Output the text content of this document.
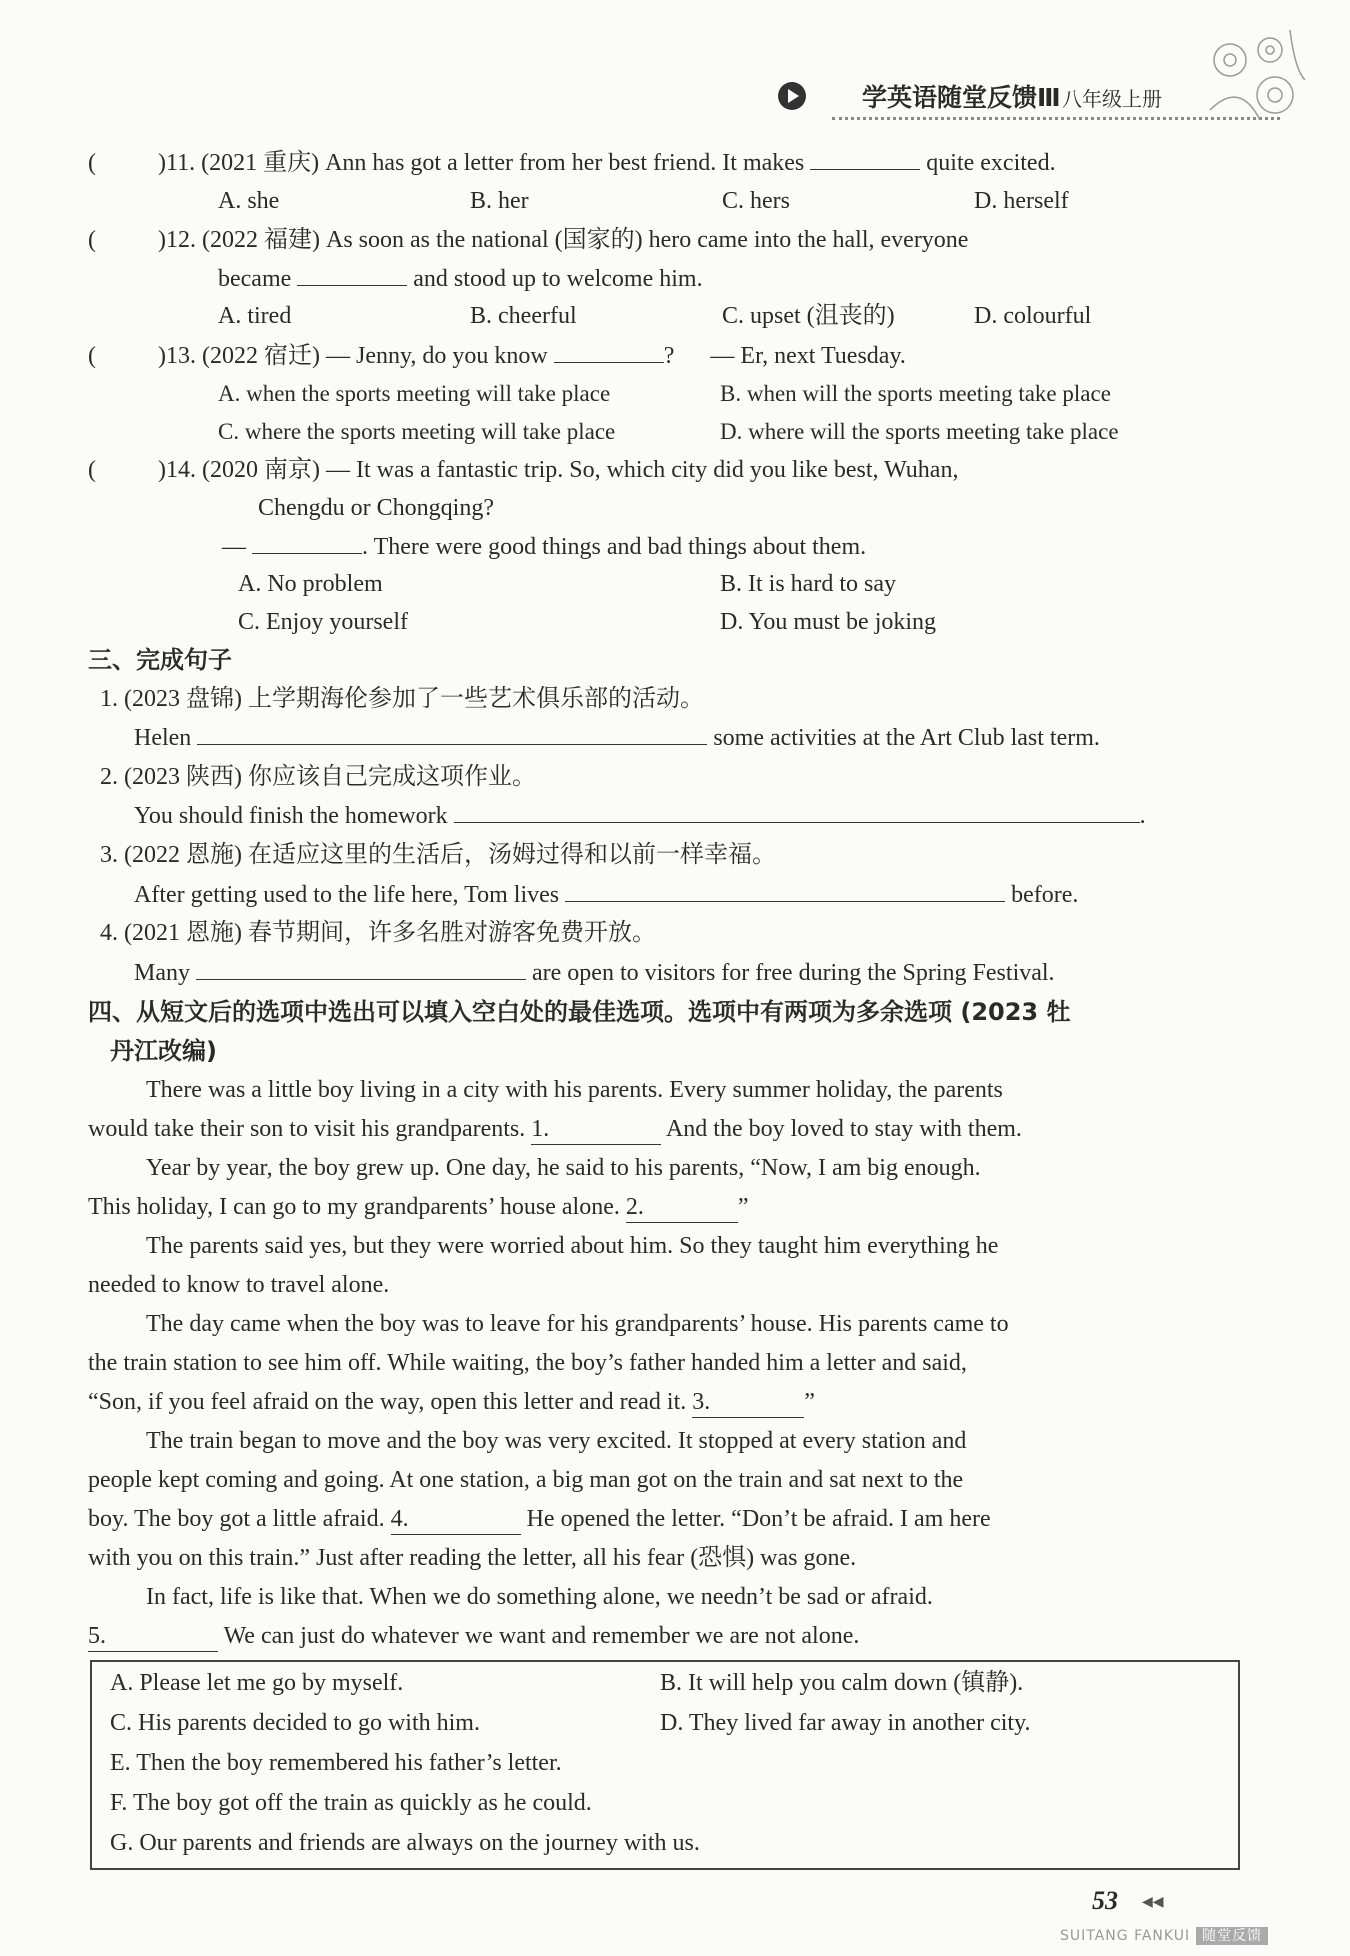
学英语随堂反馈Ⅲ 八年级上册
(	)11. (2021 重庆) Ann has got a letter from her best friend. It makes	quite excited.
A. she	B. her	C. hers	D. herself
(	)12. (2022 福建) As soon as the national (国家的) hero came into the hall, everyone
became	and stood up to welcome him.
A. tired	B. cheerful	C. upset (沮丧的)	D. colourful
(	)13. (2022 宿迁) — Jenny, do you know	? — Er, next Tuesday.
A. when the sports meeting will take place	B. when will the sports meeting take place
C. where the sports meeting will take place	D. where will the sports meeting take place
(	)14. (2020 南京) — It was a fantastic trip. So, which city did you like best, Wuhan,
Chengdu or Chongqing?
—	. There were good things and bad things about them.
A. No problem	B. It is hard to say
C. Enjoy yourself	D. You must be joking
三、完成句子
1. (2023 盘锦) 上学期海伦参加了一些艺术俱乐部的活动。
Helen	some activities at the Art Club last term.
2. (2023 陕西) 你应该自己完成这项作业。
You should finish the homework	.
3. (2022 恩施) 在适应这里的生活后，汤姆过得和以前一样幸福。
After getting used to the life here, Tom lives	before.
4. (2021 恩施) 春节期间，许多名胜对游客免费开放。
Many	are open to visitors for free during the Spring Festival.
四、从短文后的选项中选出可以填入空白处的最佳选项。选项中有两项为多余选项 (2023 牡
丹江改编)
There was a little boy living in a city with his parents. Every summer holiday, the parents
would take their son to visit his grandparents. 1.	And the boy loved to stay with them.
Year by year, the boy grew up. One day, he said to his parents, “Now, I am big enough.
This holiday, I can go to my grandparents’ house alone. 2.	”
The parents said yes, but they were worried about him. So they taught him everything he
needed to know to travel alone.
The day came when the boy was to leave for his grandparents’ house. His parents came to
the train station to see him off. While waiting, the boy’s father handed him a letter and said,
“Son, if you feel afraid on the way, open this letter and read it. 3.	”
The train began to move and the boy was very excited. It stopped at every station and
people kept coming and going. At one station, a big man got on the train and sat next to the
boy. The boy got a little afraid. 4.	He opened the letter. “Don’t be afraid. I am here
with you on this train.” Just after reading the letter, all his fear (恐惧) was gone.
In fact, life is like that. When we do something alone, we needn’t be sad or afraid.
5.	We can just do whatever we want and remember we are not alone.
A. Please let me go by myself.	B. It will help you calm down (镇静).
C. His parents decided to go with him.	D. They lived far away in another city.
E. Then the boy remembered his father’s letter.
F. The boy got off the train as quickly as he could.
G. Our parents and friends are always on the journey with us.
53 ◀◀
SUITANG FANKUI 随堂反馈
